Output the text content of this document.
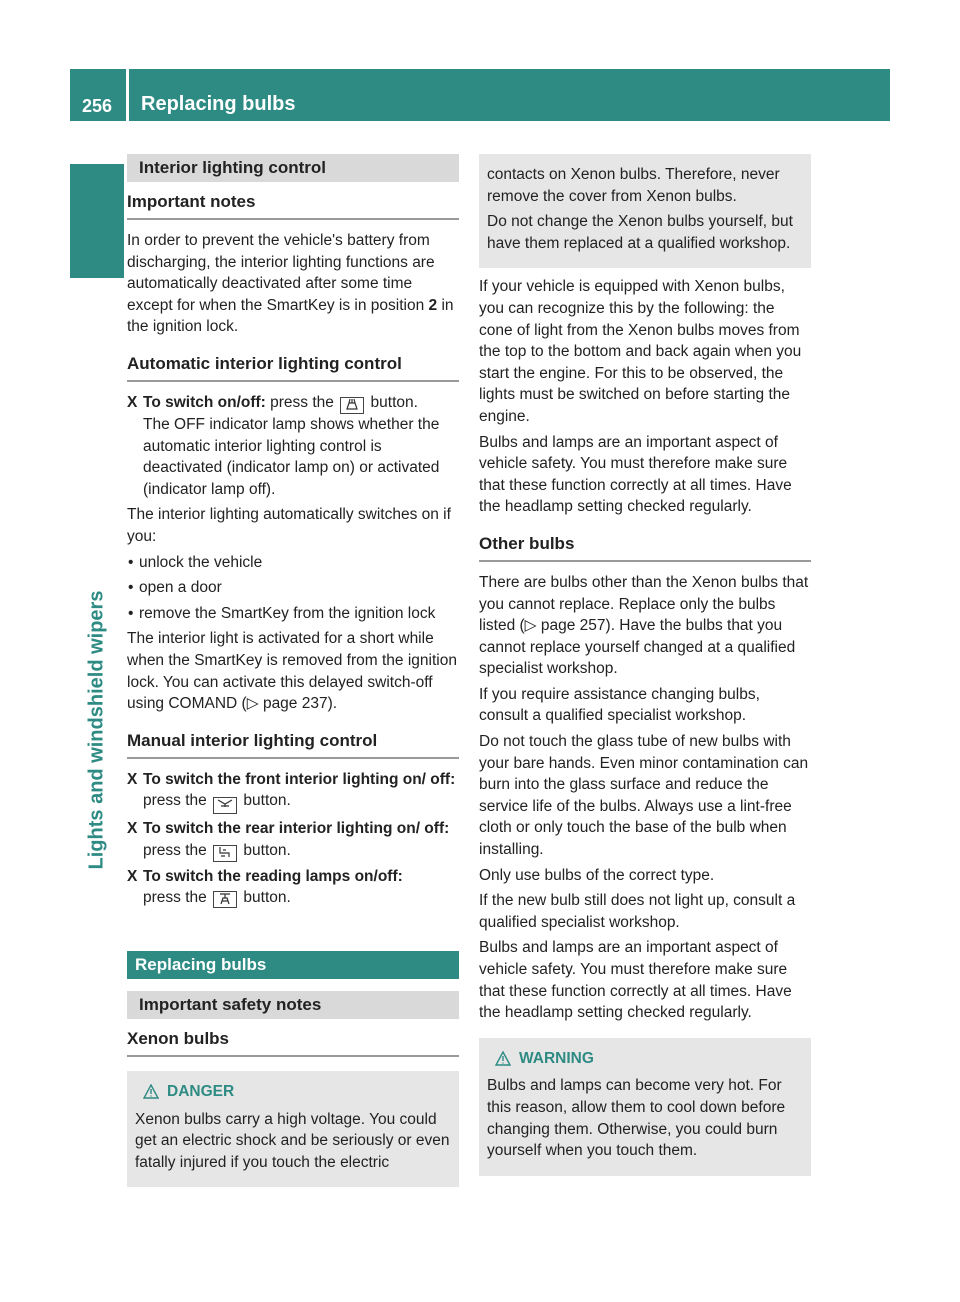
256	Replacing bulbs
Lights and windshield wipers
Interior lighting control
Important notes

In order to prevent the vehicle's battery from discharging, the interior lighting functions are automatically deactivated after some time except for when the SmartKey is in position 2 in the ignition lock.

Automatic interior lighting control
X To switch on/off: press the button.
The OFF indicator lamp shows whether the automatic interior lighting control is deactivated (indicator lamp on) or activated (indicator lamp off).

The interior lighting automatically switches on if you:

• unlock the vehicle
• open a door
• remove the SmartKey from the ignition lock

The interior light is activated for a short while when the SmartKey is removed from the ignition lock. You can activate this delayed switch-off using COMAND (▷ page 237).

Manual interior lighting control
X To switch the front interior lighting on/ off: press the button.
X To switch the rear interior lighting on/ off: press the button.
X To switch the reading lamps on/off:
press the button.
Replacing bulbs
Important safety notes
Xenon bulbs
DANGER

Xenon bulbs carry a high voltage. You could get an electric shock and be seriously or even fatally injured if you touch the electric

contacts on Xenon bulbs. Therefore, never remove the cover from Xenon bulbs.

Do not change the Xenon bulbs yourself, but have them replaced at a qualified workshop.

If your vehicle is equipped with Xenon bulbs, you can recognize this by the following: the cone of light from the Xenon bulbs moves from the top to the bottom and back again when you start the engine. For this to be observed, the lights must be switched on before starting the engine.

Bulbs and lamps are an important aspect of vehicle safety. You must therefore make sure that these function correctly at all times. Have the headlamp setting checked regularly.

Other bulbs

There are bulbs other than the Xenon bulbs that you cannot replace. Replace only the bulbs listed (▷ page 257). Have the bulbs that you cannot replace yourself changed at a qualified specialist workshop.

If you require assistance changing bulbs, consult a qualified specialist workshop.

Do not touch the glass tube of new bulbs with your bare hands. Even minor contamination can burn into the glass surface and reduce the service life of the bulbs. Always use a lint-free cloth or only touch the base of the bulb when installing.

Only use bulbs of the correct type.

If the new bulb still does not light up, consult a qualified specialist workshop.

Bulbs and lamps are an important aspect of vehicle safety. You must therefore make sure that these function correctly at all times. Have the headlamp setting checked regularly.

WARNING

Bulbs and lamps can become very hot. For this reason, allow them to cool down before changing them. Otherwise, you could burn yourself when you touch them.
